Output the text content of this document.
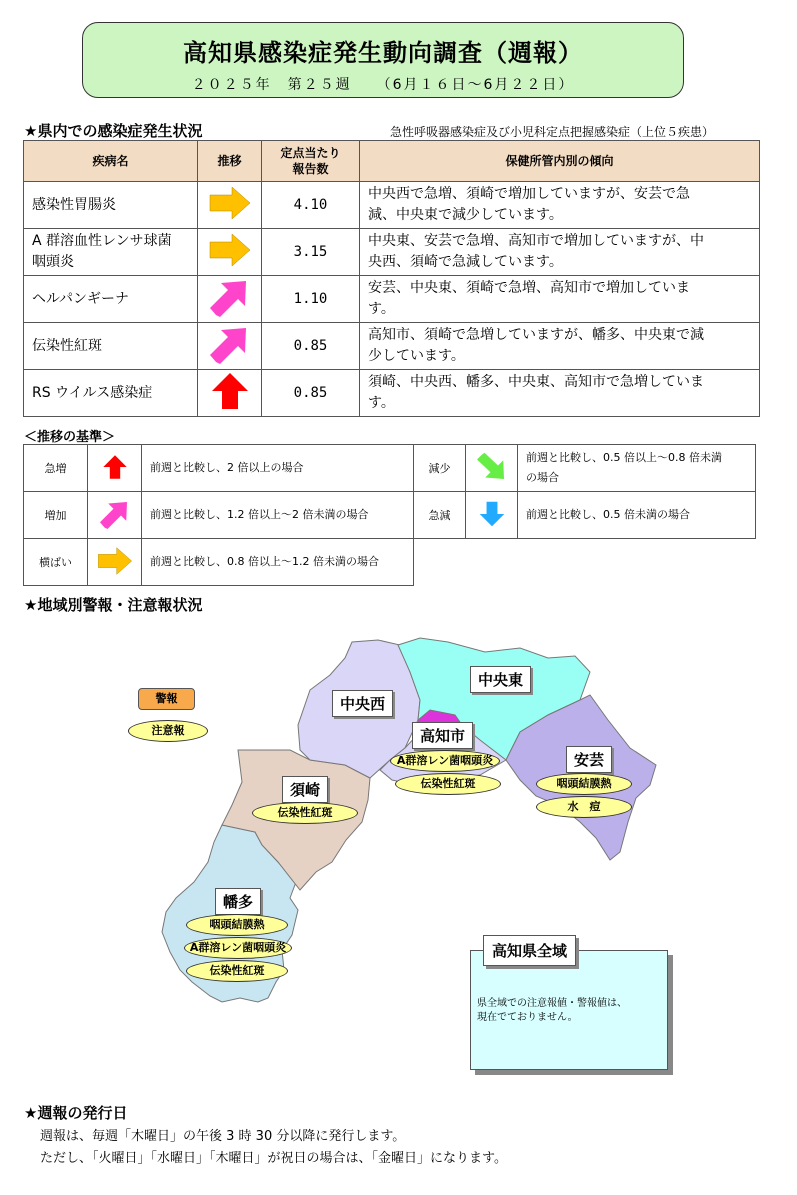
高知県感染症発生動向調査（週報）
２０２５年　第２５週　　（6月１６日～6月２２日）
★県内での感染症発生状況	急性呼吸器感染症及び小児科定点把握感染症（上位５疾患）
疾病名	推移	定点当たり
報告数	保健所管内別の傾向
感染性胃腸炎		4.10	中央西で急増、須崎で増加していますが、安芸で急
減、中央東で減少しています。
A 群溶血性レンサ球菌
咽頭炎		3.15	中央東、安芸で急増、高知市で増加していますが、中
央西、須崎で急減しています。
ヘルパンギーナ		1.10	安芸、中央東、須崎で急増、高知市で増加していま
す。
伝染性紅斑		0.85	高知市、須崎で急増していますが、幡多、中央東で減
少しています。
RS ウイルス感染症		0.85	須崎、中央西、幡多、中央東、高知市で急増していま
す。
＜推移の基準＞
急増		前週と比較し、2 倍以上の場合	減少		前週と比較し、0.5 倍以上～0.8 倍未満
の場合
増加		前週と比較し、1.2 倍以上～2 倍未満の場合	急減		前週と比較し、0.5 倍未満の場合
横ばい		前週と比較し、0.8 倍以上～1.2 倍未満の場合			
★地域別警報・注意報状況
警報
注意報
中央西
中央東
高知市
安芸
須崎
幡多
A群溶レン菌咽頭炎
伝染性紅斑	咽頭結膜熱
水　痘
伝染性紅斑
咽頭結膜熱
A群溶レン菌咽頭炎
伝染性紅斑
高知県全域
県全域での注意報値・警報値は、
現在でておりません。
★週報の発行日
週報は、毎週「木曜日」の午後 3 時 30 分以降に発行します。
ただし、「火曜日」「水曜日」「木曜日」が祝日の場合は、「金曜日」になります。
